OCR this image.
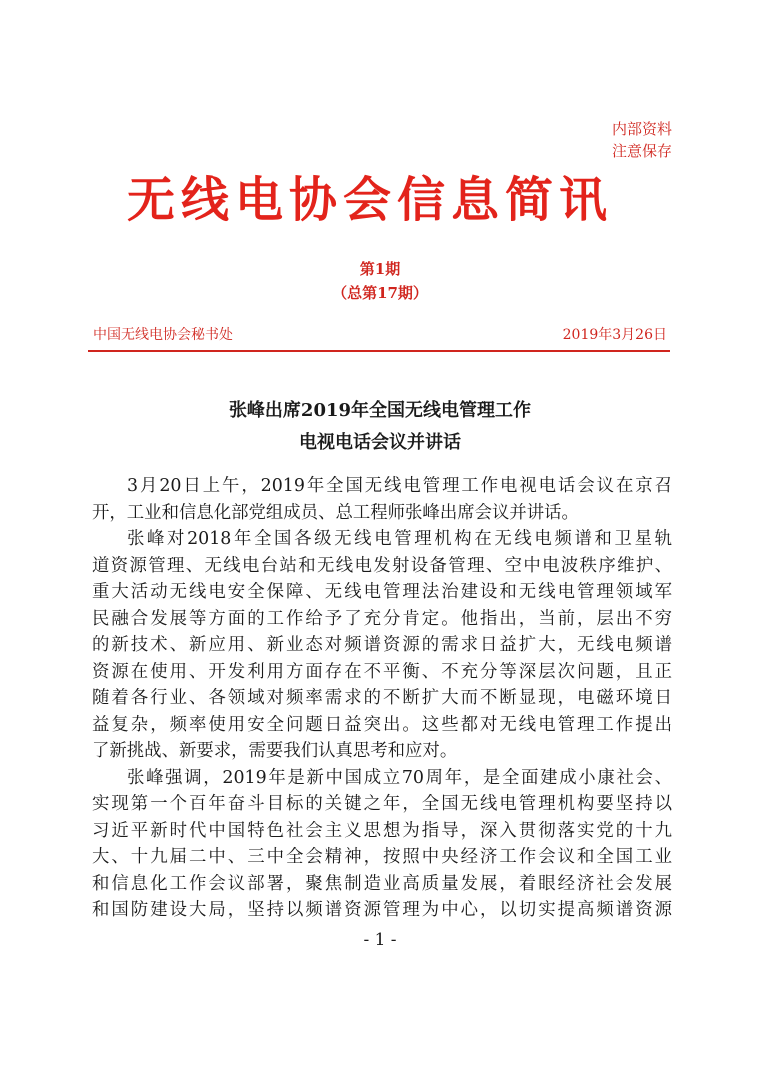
内部资料
注意保存
无线电协会信息简讯
第1期
（总第17期）
中国无线电协会秘书处	2019年3月26日
张峰出席2019年全国无线电管理工作
电视电话会议并讲话
3月20日上午，2019年全国无线电管理工作电视电话会议在京召
开，工业和信息化部党组成员、总工程师张峰出席会议并讲话。
张峰对2018年全国各级无线电管理机构在无线电频谱和卫星轨
道资源管理、无线电台站和无线电发射设备管理、空中电波秩序维护、
重大活动无线电安全保障、无线电管理法治建设和无线电管理领域军
民融合发展等方面的工作给予了充分肯定。他指出，当前，层出不穷
的新技术、新应用、新业态对频谱资源的需求日益扩大，无线电频谱
资源在使用、开发利用方面存在不平衡、不充分等深层次问题，且正
随着各行业、各领域对频率需求的不断扩大而不断显现，电磁环境日
益复杂，频率使用安全问题日益突出。这些都对无线电管理工作提出
了新挑战、新要求，需要我们认真思考和应对。
张峰强调，2019年是新中国成立70周年，是全面建成小康社会、
实现第一个百年奋斗目标的关键之年，全国无线电管理机构要坚持以
习近平新时代中国特色社会主义思想为指导，深入贯彻落实党的十九
大、十九届二中、三中全会精神，按照中央经济工作会议和全国工业
和信息化工作会议部署，聚焦制造业高质量发展，着眼经济社会发展
和国防建设大局，坚持以频谱资源管理为中心，以切实提高频谱资源
- 1 -
